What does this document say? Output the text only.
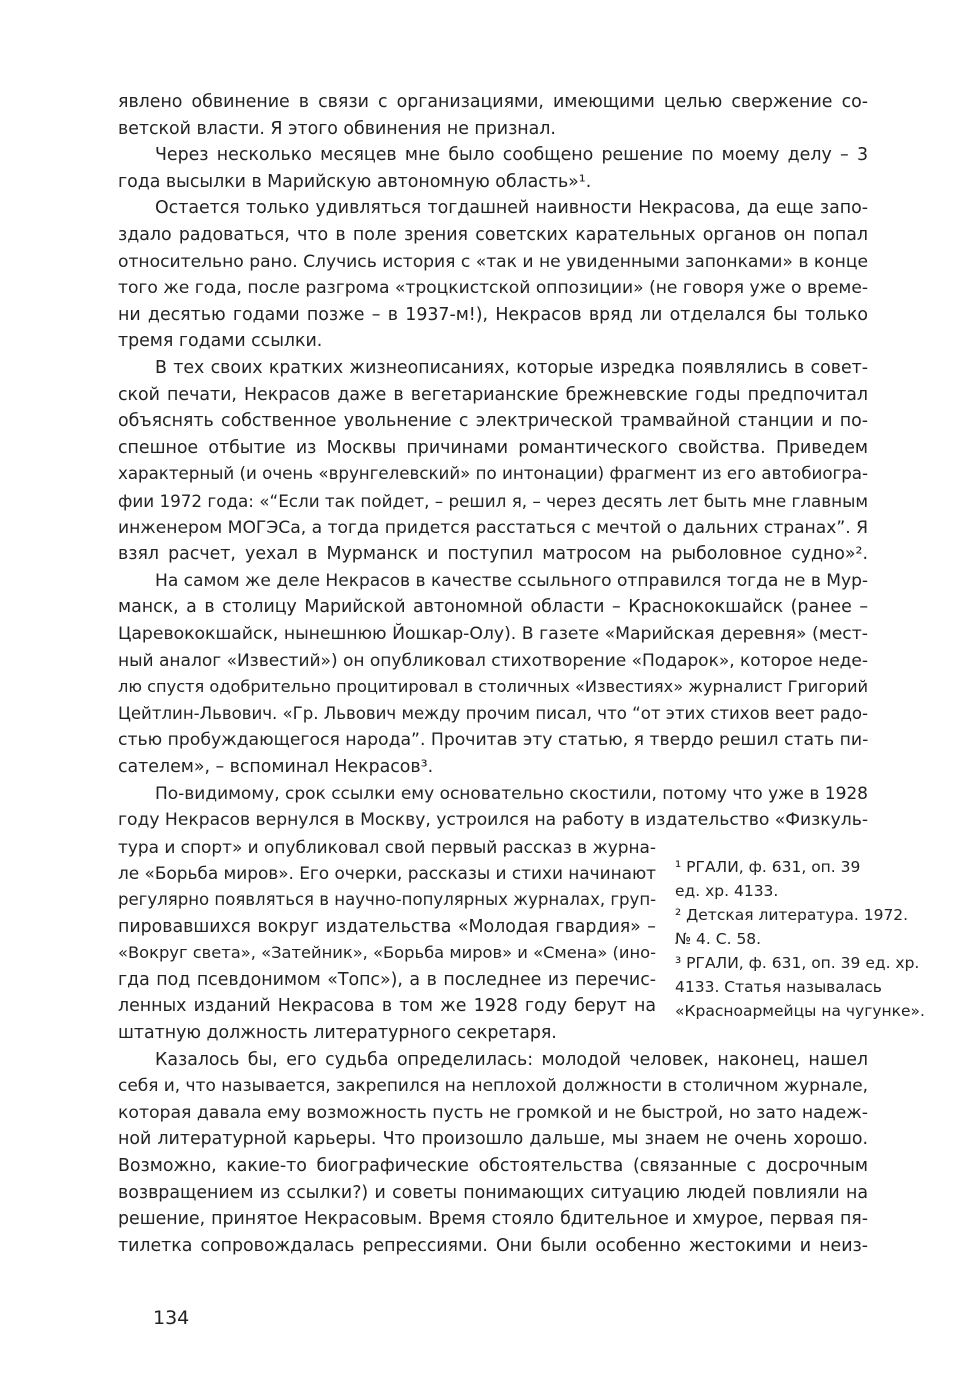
явлено обвинение в связи с организациями, имеющими целью свержение со-
ветской власти. Я этого обвинения не признал.
Через несколько месяцев мне было сообщено решение по моему делу – 3
года высылки в Марийскую автономную область»¹.
Остается только удивляться тогдашней наивности Некрасова, да еще запо-
здало радоваться, что в поле зрения советских карательных органов он попал
относительно рано. Случись история с «так и не увиденными запонками» в конце
того же года, после разгрома «троцкистской оппозиции» (не говоря уже о време-
ни десятью годами позже – в 1937-м!), Некрасов вряд ли отделался бы только
тремя годами ссылки.
В тех своих кратких жизнеописаниях, которые изредка появлялись в совет-
ской печати, Некрасов даже в вегетарианские брежневские годы предпочитал
объяснять собственное увольнение с электрической трамвайной станции и по-
спешное отбытие из Москвы причинами романтического свойства. Приведем
характерный (и очень «врунгелевский» по интонации) фрагмент из его автобиогра-
фии 1972 года: «“Если так пойдет, – решил я, – через десять лет быть мне главным
инженером МОГЭСа, а тогда придется расстаться с мечтой о дальних странах”. Я
взял расчет, уехал в Мурманск и поступил матросом на рыболовное судно»².
На самом же деле Некрасов в качестве ссыльного отправился тогда не в Мур-
манск, а в столицу Марийской автономной области – Краснококшайск (ранее –
Царевококшайск, нынешнюю Йошкар-Олу). В газете «Марийская деревня» (мест-
ный аналог «Известий») он опубликовал стихотворение «Подарок», которое неде-
лю спустя одобрительно процитировал в столичных «Известиях» журналист Григорий
Цейтлин-Львович. «Гр. Львович между прочим писал, что “от этих стихов веет радо-
стью пробуждающегося народа”. Прочитав эту статью, я твердо решил стать пи-
сателем», – вспоминал Некрасов³.
По-видимому, срок ссылки ему основательно скостили, потому что уже в 1928
году Некрасов вернулся в Москву, устроился на работу в издательство «Физкуль-
тура и спорт» и опубликовал свой первый рассказ в журна-
ле «Борьба миров». Его очерки, рассказы и стихи начинают
регулярно появляться в научно-популярных журналах, груп-
пировавшихся вокруг издательства «Молодая гвардия» –
«Вокруг света», «Затейник», «Борьба миров» и «Смена» (ино-
гда под псевдонимом «Топс»), а в последнее из перечис-
ленных изданий Некрасова в том же 1928 году берут на
штатную должность литературного секретаря.
Казалось бы, его судьба определилась: молодой человек, наконец, нашел
себя и, что называется, закрепился на неплохой должности в столичном журнале,
которая давала ему возможность пусть не громкой и не быстрой, но зато надеж-
ной литературной карьеры. Что произошло дальше, мы знаем не очень хорошо.
Возможно, какие-то биографические обстоятельства (связанные с досрочным
возвращением из ссылки?) и советы понимающих ситуацию людей повлияли на
решение, принятое Некрасовым. Время стояло бдительное и хмурое, первая пя-
тилетка сопровождалась репрессиями. Они были особенно жестокими и неиз-
¹ РГАЛИ, ф. 631, оп. 39
ед. хр. 4133.
² Детская литература. 1972.
№ 4. С. 58.
³ РГАЛИ, ф. 631, оп. 39 ед. хр.
4133. Статья называлась
«Красноармейцы на чугунке».
134
